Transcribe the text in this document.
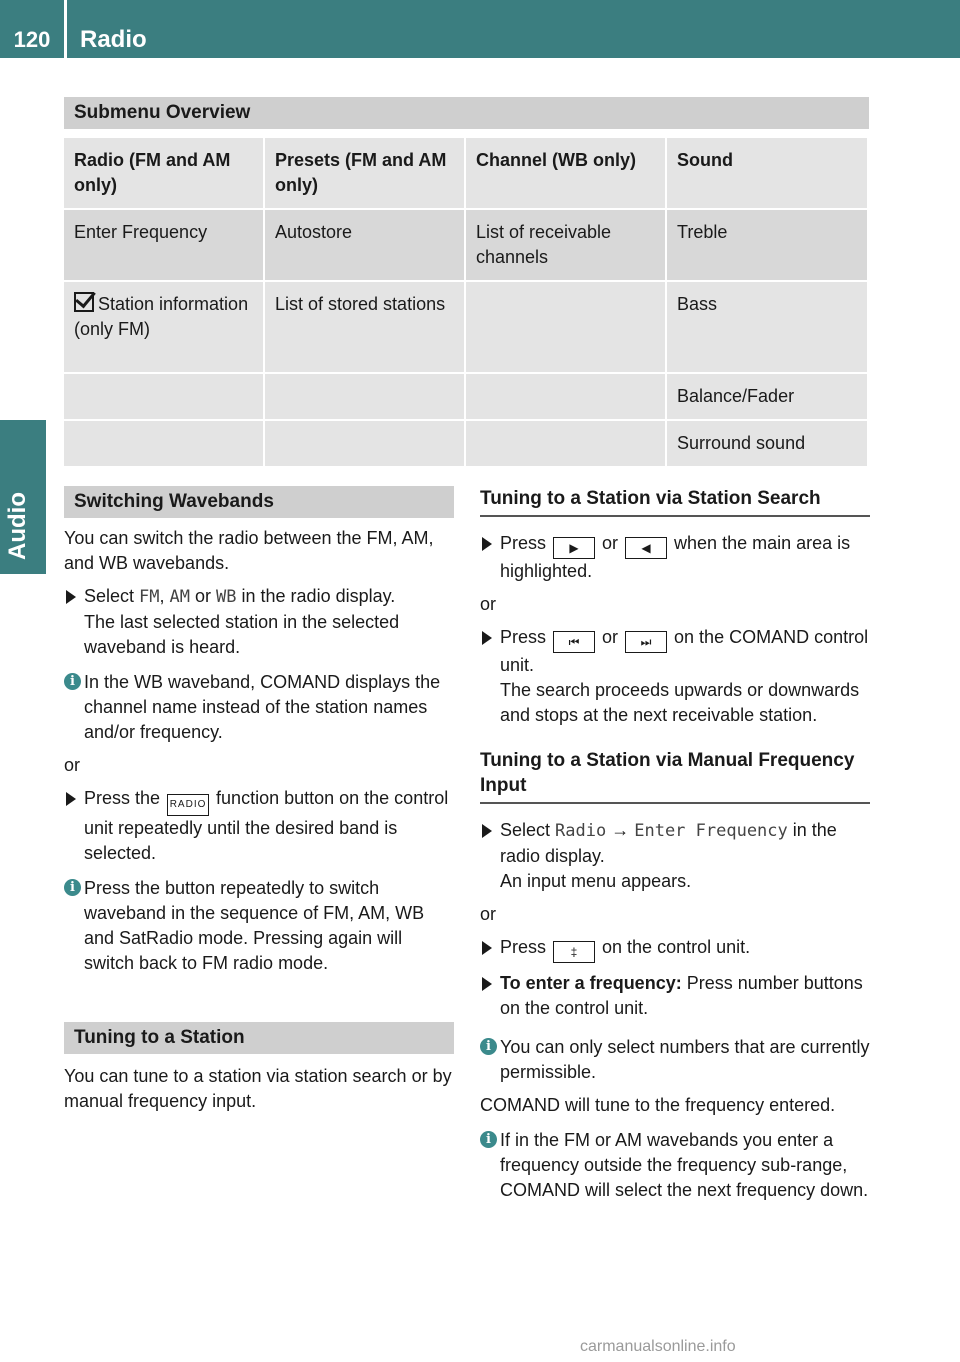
120	Radio
Audio
Submenu Overview
Radio (FM and AM only)	Presets (FM and AM only)	Channel (WB only)	Sound
Enter Frequency	Autostore	List of receivable channels	Treble
Station information (only FM)	List of stored stations		Bass
			Balance/Fader
			Surround sound
Switching Wavebands

You can switch the radio between the FM, AM, and WB wavebands.

Select FM, AM or WB in the radio display.

The last selected station in the selected waveband is heard.

i In the WB waveband, COMAND displays the channel name instead of the station names and/or frequency.

or

Press the RADIO function button on the control unit repeatedly until the desired band is selected.
i Press the button repeatedly to switch waveband in the sequence of FM, AM, WB and SatRadio mode. Pressing again will switch back to FM radio mode.

Tuning to a Station

You can tune to a station via station search or by manual frequency input.

Tuning to a Station via Station Search
Press ▶ or ◀ when the main area is highlighted.

or

Press ⏮ or ⏭ on the COMAND control unit.

The search proceeds upwards or downwards and stops at the next receivable station.

Tuning to a Station via Manual Frequency Input
Select Radio → Enter Frequency in the radio display.

An input menu appears.

or

Press ‡ on the control unit.
To enter a frequency: Press number buttons on the control unit.
i You can only select numbers that are currently permissible.

COMAND will tune to the frequency entered.

i If in the FM or AM wavebands you enter a frequency outside the frequency sub-range, COMAND will select the next frequency down.

carmanualsonline.info
